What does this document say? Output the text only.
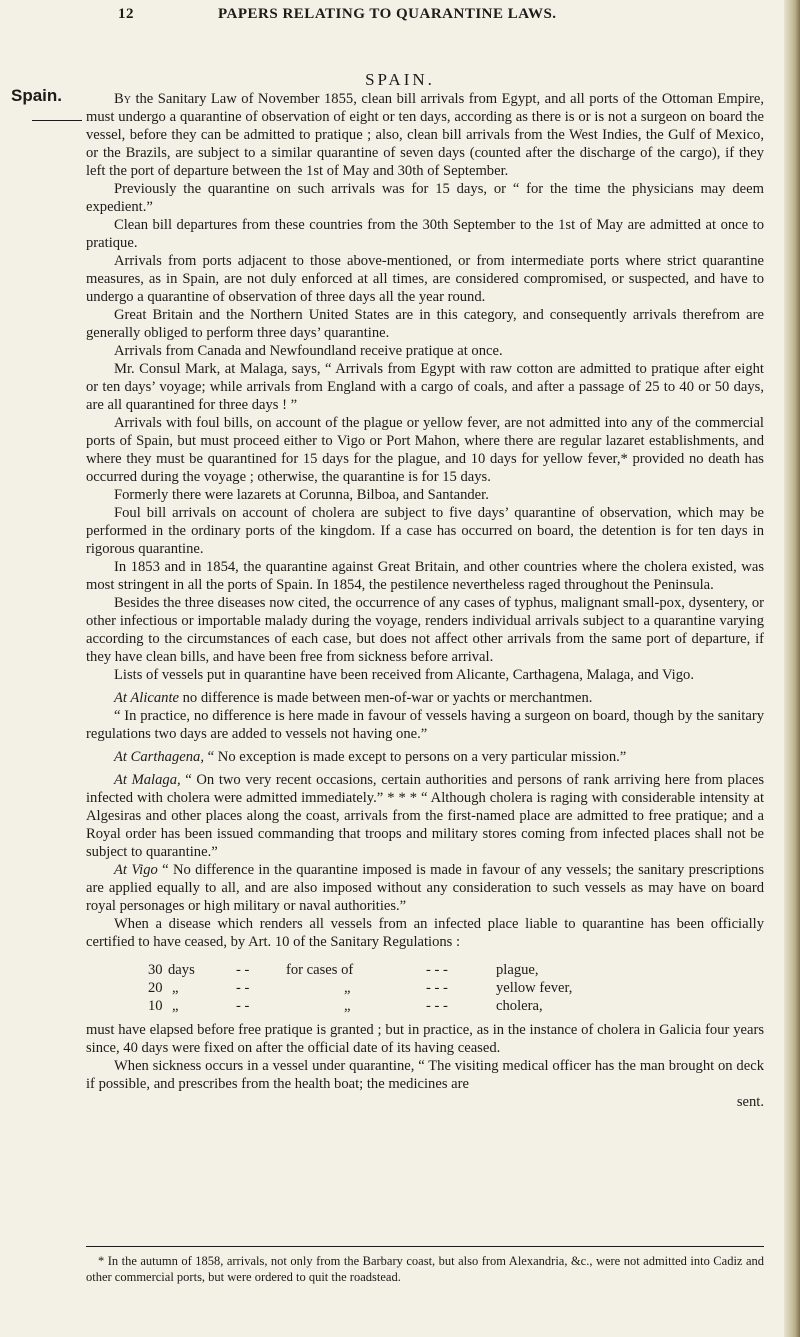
12	PAPERS RELATING TO QUARANTINE LAWS.
SPAIN.
Spain.	By the Sanitary Law of November 1855, clean bill arrivals from Egypt, and all ports of the Ottoman Empire, must undergo a quarantine of observation of eight or ten days, according as there is or is not a surgeon on board the vessel, before they can be admitted to pratique ; also, clean bill arrivals from the West Indies, the Gulf of Mexico, or the Brazils, are subject to a similar quarantine of seven days (counted after the discharge of the cargo), if they left the port of departure between the 1st of May and 30th of September.

Previously the quarantine on such arrivals was for 15 days, or “ for the time the physicians may deem expedient.”

Clean bill departures from these countries from the 30th September to the 1st of May are admitted at once to pratique.

Arrivals from ports adjacent to those above-mentioned, or from intermediate ports where strict quarantine measures, as in Spain, are not duly enforced at all times, are considered compromised, or suspected, and have to undergo a quarantine of observation of three days all the year round.

Great Britain and the Northern United States are in this category, and consequently arrivals therefrom are generally obliged to perform three days’ quarantine.

Arrivals from Canada and Newfoundland receive pratique at once.

Mr. Consul Mark, at Malaga, says, “ Arrivals from Egypt with raw cotton are admitted to pratique after eight or ten days’ voyage; while arrivals from England with a cargo of coals, and after a passage of 25 to 40 or 50 days, are all quarantined for three days ! ”

Arrivals with foul bills, on account of the plague or yellow fever, are not admitted into any of the commercial ports of Spain, but must proceed either to Vigo or Port Mahon, where there are regular lazaret establishments, and where they must be quarantined for 15 days for the plague, and 10 days for yellow fever,* provided no death has occurred during the voyage ; otherwise, the quarantine is for 15 days.

Formerly there were lazarets at Corunna, Bilboa, and Santander.

Foul bill arrivals on account of cholera are subject to five days’ quarantine of observation, which may be performed in the ordinary ports of the kingdom. If a case has occurred on board, the detention is for ten days in rigorous quarantine.

In 1853 and in 1854, the quarantine against Great Britain, and other countries where the cholera existed, was most stringent in all the ports of Spain. In 1854, the pestilence nevertheless raged throughout the Peninsula.

Besides the three diseases now cited, the occurrence of any cases of typhus, malignant small-pox, dysentery, or other infectious or importable malady during the voyage, renders individual arrivals subject to a quarantine varying according to the circumstances of each case, but does not affect other arrivals from the same port of departure, if they have clean bills, and have been free from sickness before arrival.

Lists of vessels put in quarantine have been received from Alicante, Carthagena, Malaga, and Vigo.

At Alicante no difference is made between men-of-war or yachts or merchantmen.

“ In practice, no difference is here made in favour of vessels having a surgeon on board, though by the sanitary regulations two days are added to vessels not having one.”

At Carthagena, “ No exception is made except to persons on a very particular mission.”

At Malaga, “ On two very recent occasions, certain authorities and persons of rank arriving here from places infected with cholera were admitted immediately.” * * * “ Although cholera is raging with considerable intensity at Algesiras and other places along the coast, arrivals from the first-named place are admitted to free pratique; and a Royal order has been issued commanding that troops and military stores coming from infected places shall not be subject to quarantine.”

At Vigo “ No difference in the quarantine imposed is made in favour of any vessels; the sanitary prescriptions are applied equally to all, and are also imposed without any consideration to such vessels as may have on board royal personages or high military or naval authorities.”

When a disease which renders all vessels from an infected place liable to quarantine has been officially certified to have ceased, by Art. 10 of the Sanitary Regulations :

30 days	- -	for cases of	- - -	plague,
20 „	- -	„	- - -	yellow fever,
10 „	- -	„	- - -	cholera,

must have elapsed before free pratique is granted ; but in practice, as in the instance of cholera in Galicia four years since, 40 days were fixed on after the official date of its having ceased.

When sickness occurs in a vessel under quarantine, “ The visiting medical officer has the man brought on deck if possible, and prescribes from the health boat; the medicines are

sent.

* In the autumn of 1858, arrivals, not only from the Barbary coast, but also from Alexandria, &c., were not admitted into Cadiz and other commercial ports, but were ordered to quit the roadstead.
